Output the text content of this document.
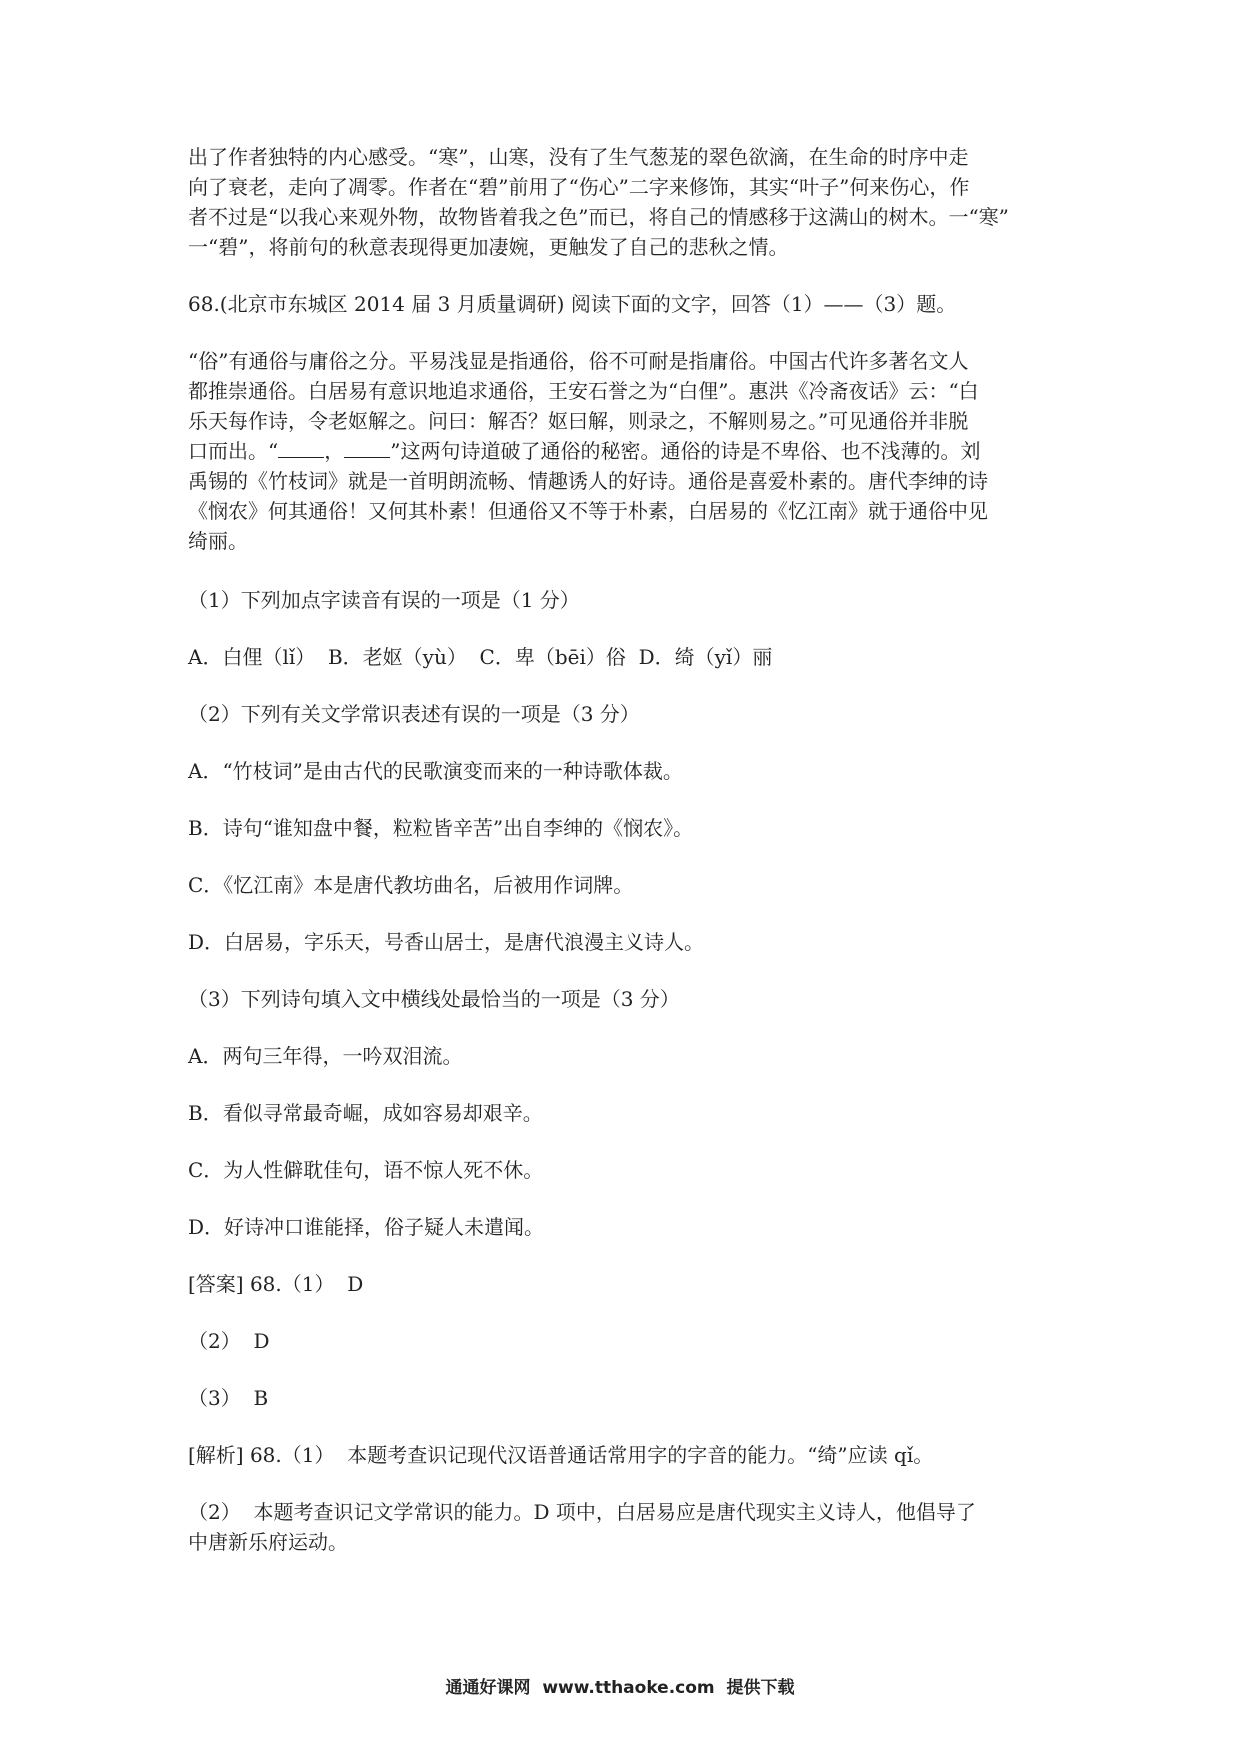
出了作者独特的内心感受。“寒”，山寒，没有了生气葱茏的翠色欲滴，在生命的时序中走
向了衰老，走向了凋零。作者在“碧”前用了“伤心”二字来修饰，其实“叶子”何来伤心，作
者不过是“以我心来观外物，故物皆着我之色”而已，将自己的情感移于这满山的树木。一“寒”
一“碧”，将前句的秋意表现得更加凄婉，更触发了自己的悲秋之情。

68.(北京市东城区 2014 届 3 月质量调研) 阅读下面的文字，回答（1）——（3）题。

“俗”有通俗与庸俗之分。平易浅显是指通俗，俗不可耐是指庸俗。中国古代许多著名文人
都推崇通俗。白居易有意识地追求通俗，王安石誉之为“白俚”。惠洪《冷斋夜话》云：“白
乐天每作诗，令老妪解之。问曰：解否？妪曰解，则录之，不解则易之。”可见通俗并非脱
口而出。“ ， ”这两句诗道破了通俗的秘密。通俗的诗是不卑俗、也不浅薄的。刘
禹锡的《竹枝词》就是一首明朗流畅、情趣诱人的好诗。通俗是喜爱朴素的。唐代李绅的诗
《悯农》何其通俗！又何其朴素！但通俗又不等于朴素，白居易的《忆江南》就于通俗中见
绮丽。

（1）下列加点字读音有误的一项是（1 分）

A．白俚（lǐ）  B．老妪（yù）  C．卑（bēi）俗  D．绮（yǐ）丽

（2）下列有关文学常识表述有误的一项是（3 分）

A．“竹枝词”是由古代的民歌演变而来的一种诗歌体裁。

B．诗句“谁知盘中餐，粒粒皆辛苦”出自李绅的《悯农》。

C．《忆江南》本是唐代教坊曲名，后被用作词牌。

D．白居易，字乐天，号香山居士，是唐代浪漫主义诗人。

（3）下列诗句填入文中横线处最恰当的一项是（3 分）

A．两句三年得，一吟双泪流。

B．看似寻常最奇崛，成如容易却艰辛。

C．为人性僻耽佳句，语不惊人死不休。

D．好诗冲口谁能择，俗子疑人未遣闻。

[答案] 68.（1）  D

（2）  D

（3）  B

[解析] 68.（1）  本题考查识记现代汉语普通话常用字的字音的能力。“绮”应读 qǐ。

（2）  本题考查识记文学常识的能力。D 项中，白居易应是唐代现实主义诗人，他倡导了
中唐新乐府运动。

通通好课网  www.tthaoke.com  提供下载
